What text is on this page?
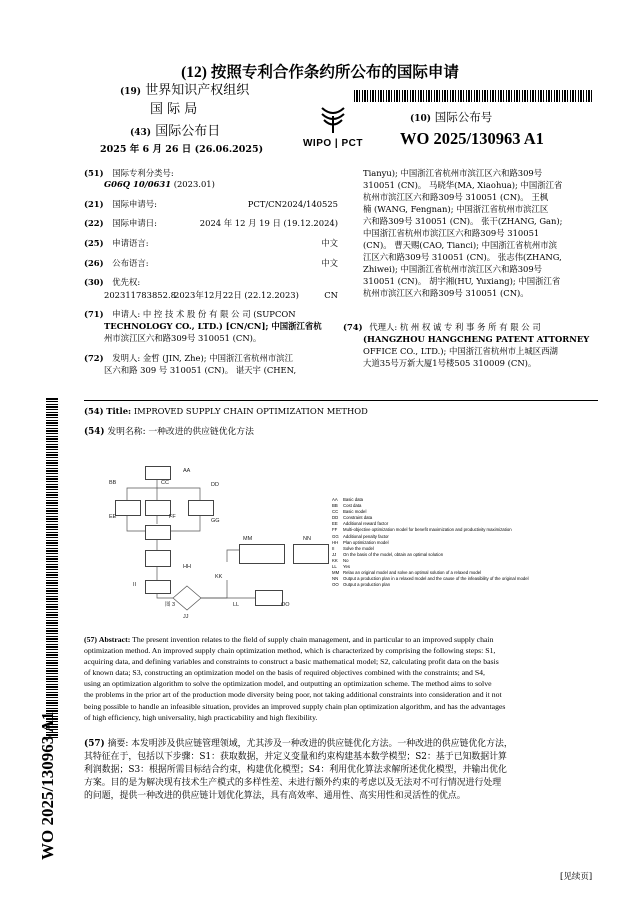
(12) 按照专利合作条约所公布的国际申请
(19) 世界知识产权组织
国 际 局
(43) 国际公布日
2025 年 6 月 26 日 (26.06.2025)
WIPO | PCT
(10) 国际公布号
WO 2025/130963 A1
(51) 国际专利分类号:
G06Q 10/0631 (2023.01)
(21) 国际申请号:	PCT/CN2024/140525
(22) 国际申请日:	2024 年 12 月 19 日 (19.12.2024)
(25) 申请语言:	中文
(26) 公布语言:	中文
(30) 优先权:
202311783852.8
2023年12月22日 (22.12.2023)	CN
(71) 申请人: 中 控 技 术 股 份 有 限 公 司 (SUPCON
TECHNOLOGY CO., LTD.) [CN/CN]; 中国浙江省杭
州市滨江区六和路309号 310051 (CN)。
(72) 发明人: 金哲 (JIN, Zhe); 中国浙江省杭州市滨江
区六和路 309 号 310051 (CN)。 谌天宇 (CHEN,
Tianyu); 中国浙江省杭州市滨江区六和路309号
310051 (CN)。 马晓华(MA, Xiaohua); 中国浙江省
杭州市滨江区六和路309号 310051 (CN)。 王枫
楠 (WANG, Fengnan); 中国浙江省杭州市滨江区
六和路309号 310051 (CN)。 张干(ZHANG, Gan);
中国浙江省杭州市滨江区六和路309号 310051
(CN)。 曹天赐(CAO, Tianci); 中国浙江省杭州市滨
江区六和路309号 310051 (CN)。 张志伟(ZHANG,
Zhiwei); 中国浙江省杭州市滨江区六和路309号
310051 (CN)。 胡宇湘(HU, Yuxiang); 中国浙江省
杭州市滨江区六和路309号 310051 (CN)。
(74) 代理人: 杭 州 权 诚 专 利 事 务 所 有 限 公 司
(HANGZHOU HANGCHENG PATENT ATTORNEY
OFFICE CO., LTD.); 中国浙江省杭州市上城区西湖
大道35号万新大厦1号楼505 310009 (CN)。
WO 2025/130963 A1
(54) Title: IMPROVED SUPPLY CHAIN OPTIMIZATION METHOD
(54) 发明名称: 一种改进的供应链优化方法
AA
BB	CC	DD
EE	FF
GG
HH
II
JJ
KK
LL
MM	NN
OO
图 3
AA Basic data
BB Cost data
CC Basic model
DD Constraint data
EE Additional reward factor
FF Multi-objective optimization model for benefit maximization and productivity maximization
GG Additional penalty factor
HH Plan optimization model
II Solve the model
JJ On the basis of the model, obtain an optimal solution
KK No
LL Yes
MM Relax an original model and solve an optimal solution of a relaxed model
NN Output a production plan in a relaxed model and the cause of the infeasibility of the original model
OO Output a production plan
(57) Abstract: The present invention relates to the field of supply chain management, and in particular to an improved supply chain
optimization method. An improved supply chain optimization method, which is characterized by comprising the following steps: S1,
acquiring data, and defining variables and constraints to construct a basic mathematical model; S2, calculating profit data on the basis
of known data; S3, constructing an optimization model on the basis of required objectives combined with the constraints; and S4,
using an optimization algorithm to solve the optimization model, and outputting an optimization scheme. The method aims to solve
the problems in the prior art of the production mode diversity being poor, not taking additional constraints into consideration and it not
being possible to handle an infeasible situation, provides an improved supply chain plan optimization algorithm, and has the advantages
of high efficiency, high universality, high practicability and high flexibility.
(57) 摘要: 本发明涉及供应链管理领域，尤其涉及一种改进的供应链优化方法。一种改进的供应链优化方法，
其特征在于，包括以下步骤：S1：获取数据，并定义变量和约束构建基本数学模型；S2：基于已知数据计算
利润数据；S3：根据所需目标结合约束，构建优化模型；S4：利用优化算法求解所述优化模型，并输出优化
方案。目的是为解决现有技术生产模式的多样性差、未进行额外约束的考虑以及无法对不可行情况进行处理
的问题，提供一种改进的供应链计划优化算法，具有高效率、通用性、高实用性和灵活性的优点。
[见续页]
